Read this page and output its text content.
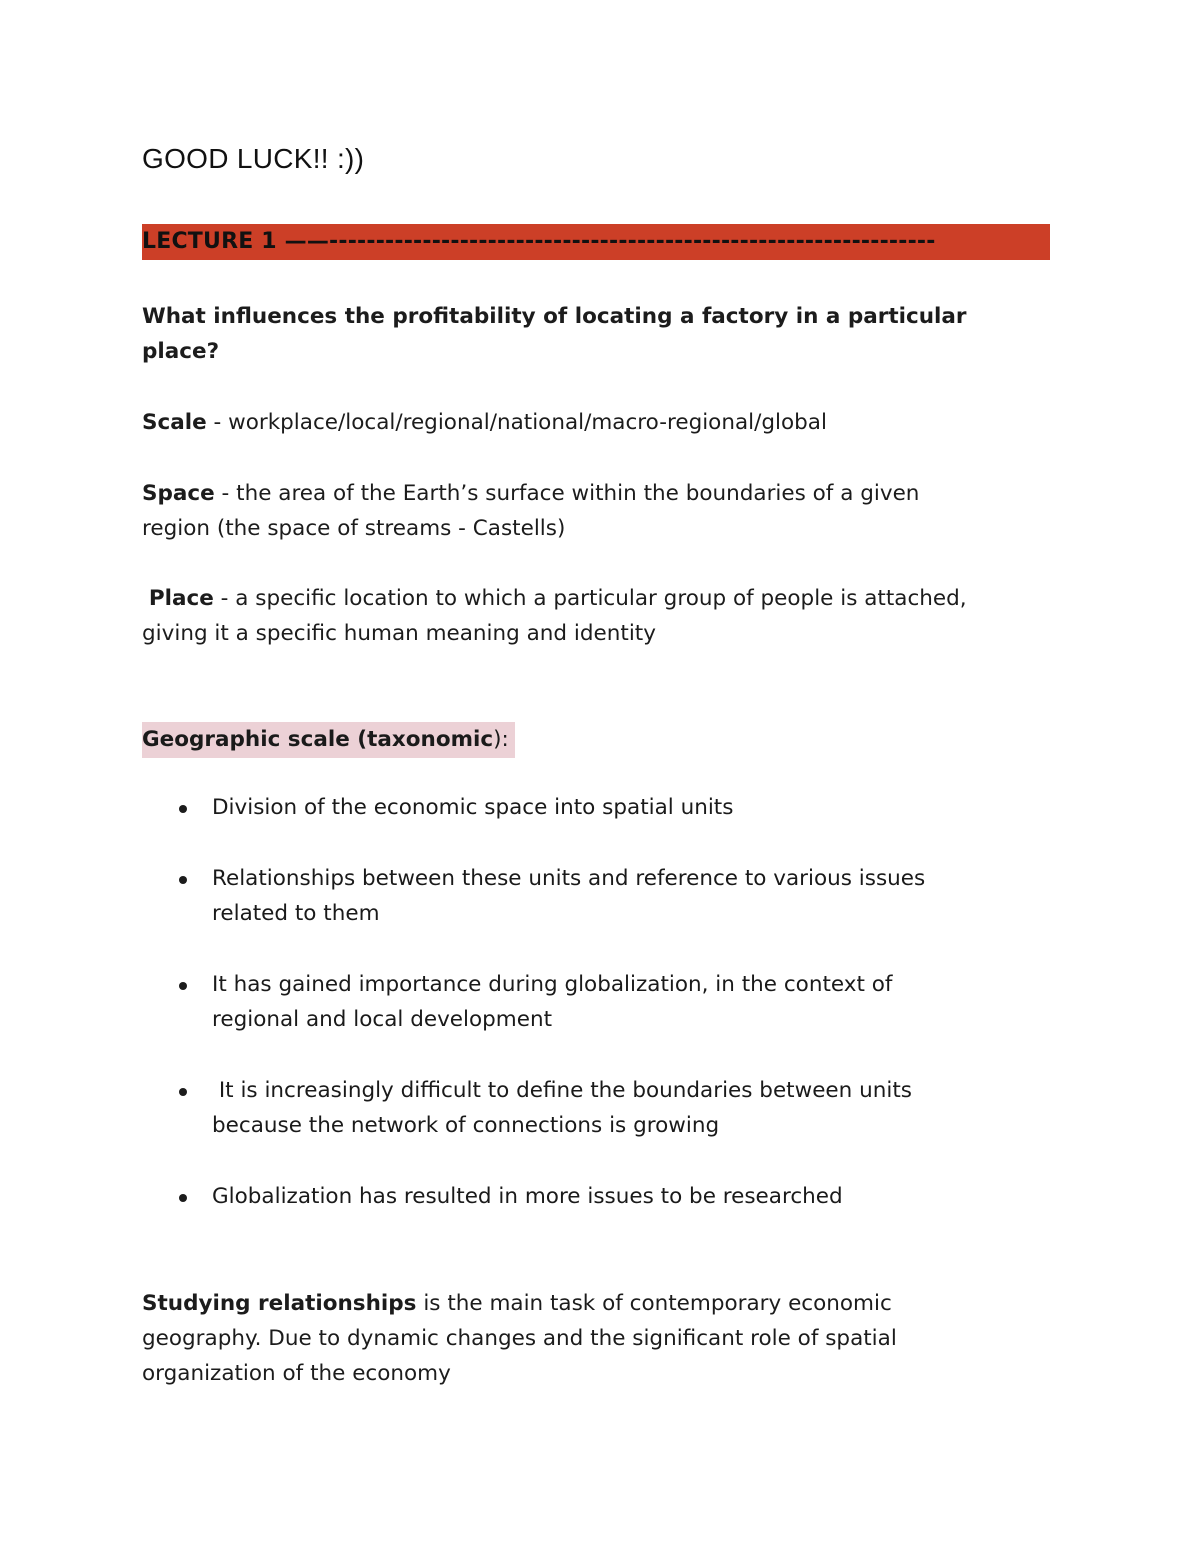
GOOD LUCK!! :))
LECTURE 1 ——-----------------------------------------------------------------
What influences the profitability of locating a factory in a particular
place?
Scale - workplace/local/regional/national/macro-regional/global
Space - the area of the Earth’s surface within the boundaries of a given
region (the space of streams - Castells)
Place - a specific location to which a particular group of people is attached,
giving it a specific human meaning and identity
Geographic scale (taxonomic):
Division of the economic space into spatial units
Relationships between these units and reference to various issues
related to them
It has gained importance during globalization, in the context of
regional and local development
It is increasingly difficult to define the boundaries between units
because the network of connections is growing
Globalization has resulted in more issues to be researched
Studying relationships is the main task of contemporary economic
geography. Due to dynamic changes and the significant role of spatial
organization of the economy
